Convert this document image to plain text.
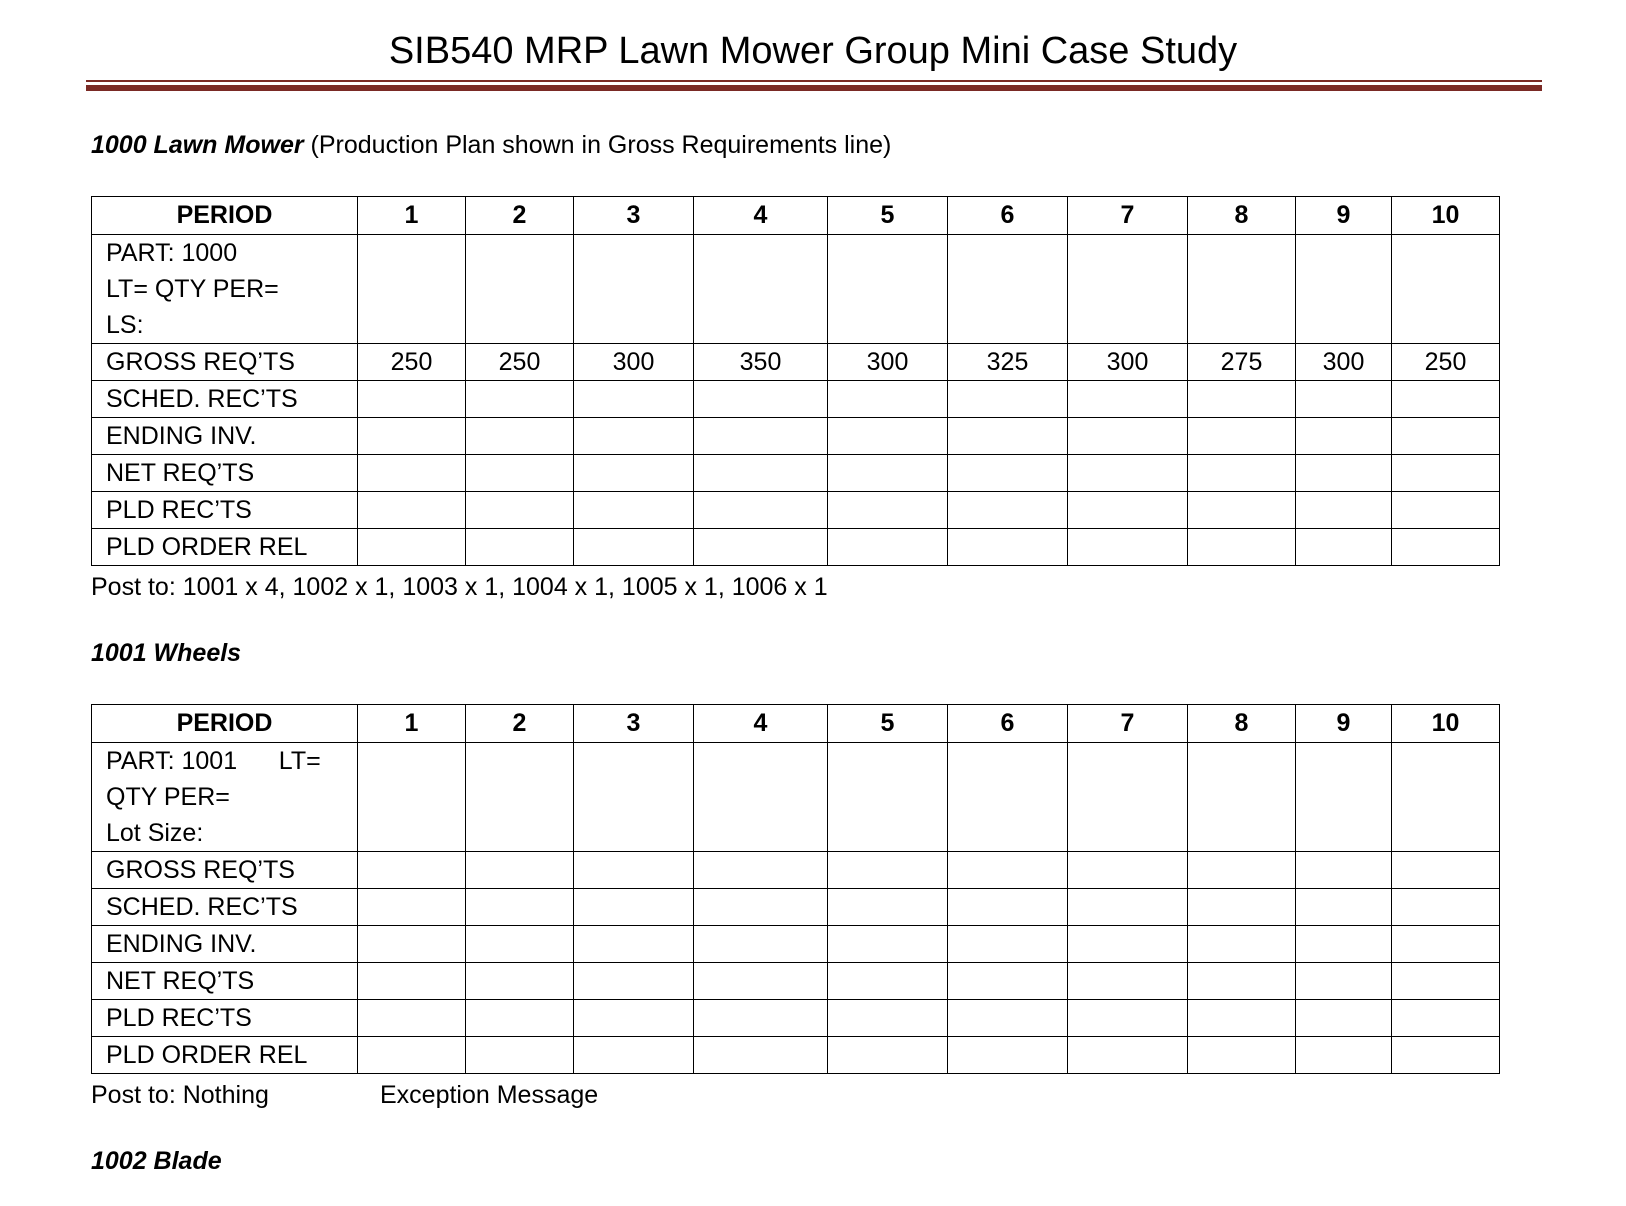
SIB540 MRP Lawn Mower Group Mini Case Study
1000 Lawn Mower (Production Plan shown in Gross Requirements line)
PERIOD	1	2	3	4	5	6	7	8	9	10

PART: 1000
LT= QTY PER=
LS:										

GROSS REQ’TS	250	250	300	350	300	325	300	275	300	250
SCHED. REC’TS										
ENDING INV.										
NET REQ’TS										
PLD REC’TS										
PLD ORDER REL										
Post to: 1001 x 4, 1002 x 1, 1003 x 1, 1004 x 1, 1005 x 1, 1006 x 1
1001 Wheels
PERIOD	1	2	3	4	5	6	7	8	9	10

PART: 1001      LT=
QTY PER=
Lot Size:										

GROSS REQ’TS										
SCHED. REC’TS										
ENDING INV.										
NET REQ’TS										
PLD REC’TS										
PLD ORDER REL										
Post to: Nothing	Exception Message
1002 Blade
